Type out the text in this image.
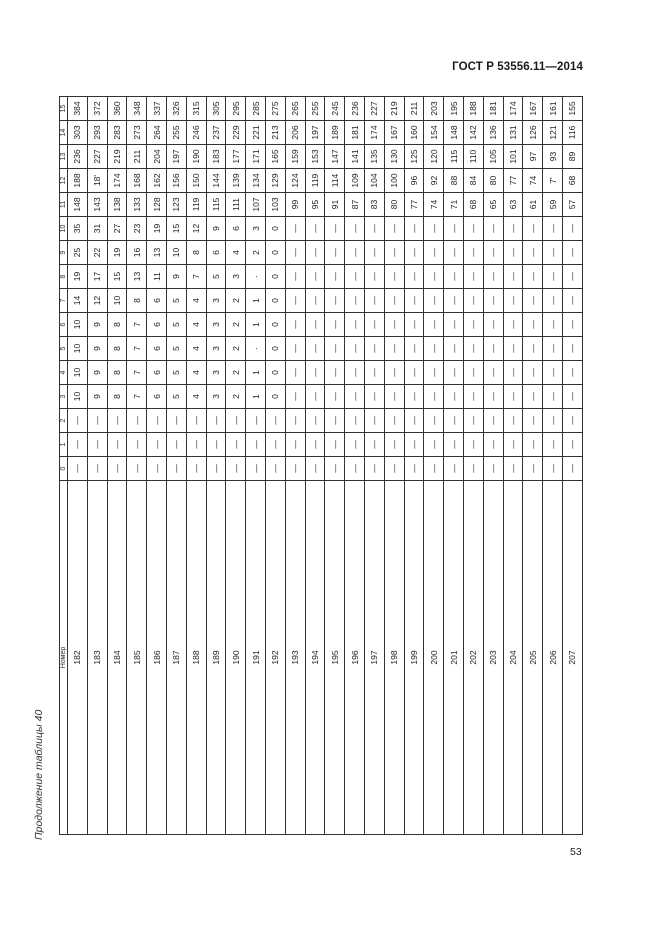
ГОСТ Р 53556.11—2014
Продолжение таблицы 40
Номер	0	1	2	3	4	5	6	7	8	9	10	11	12	13	14	15
182	—	—	—	10	10	10	10	14	19	25	35	148	188	236	303	384
183	—	—	—	9	9	9	9	12	17	22	31	143	18'	227	293	372
184	—	—	—	8	8	8	8	10	15	19	27	138	174	219	283	360
185	—	—	—	7	7	7	7	8	13	16	23	133	168	211	273	348
186	—	—	—	6	6	6	6	6	11	13	19	128	162	204	264	337
187	—	—	—	5	5	5	5	5	9	10	15	123	156	197	255	326
188	—	—	—	4	4	4	4	4	7	8	12	119	150	190	246	315
189	—	—	—	3	3	3	3	3	5	6	9	115	144	183	237	305
190	—	—	—	2	2	2	2	2	3	4	6	111	139	177	229	295
191	—	—	—	1	1	·	1	1	·	2	3	107	134	171	221	285
192	—	—	—	0	0	0	0	0	0	0	0	103	129	165	213	275
193	—	—	—	—	—	—	—	—	—	—	—	99	124	159	206	265
194	—	—	—	—	—	—	—	—	—	—	—	95	119	153	197	255
195	—	—	—	—	—	—	—	—	—	—	—	91	114	147	189	245
196	—	—	—	—	—	—	—	—	—	—	—	87	109	141	181	236
197	—	—	—	—	—	—	—	—	—	—	—	83	104	135	174	227
198	—	—	—	—	—	—	—	—	—	—	—	80	100	130	167	219
199	—	—	—	—	—	—	—	—	—	—	—	77	96	125	160	211
200	—	—	—	—	—	—	—	—	—	—	—	74	92	120	154	203
201	—	—	—	—	—	—	—	—	—	—	—	71	88	115	148	195
202	—	—	—	—	—	—	—	—	—	—	—	68	84	110	142	188
203	—	—	—	—	—	—	—	—	—	—	—	65	80	105	136	181
204	—	—	—	—	—	—	—	—	—	—	—	63	77	101	131	174
205	—	—	—	—	—	—	—	—	—	—	—	61	74	97	126	167
206	—	—	—	—	—	—	—	—	—	—	—	59	7'	93	121	161
207	—	—	—	—	—	—	—	—	—	—	—	57	68	89	116	155
53
